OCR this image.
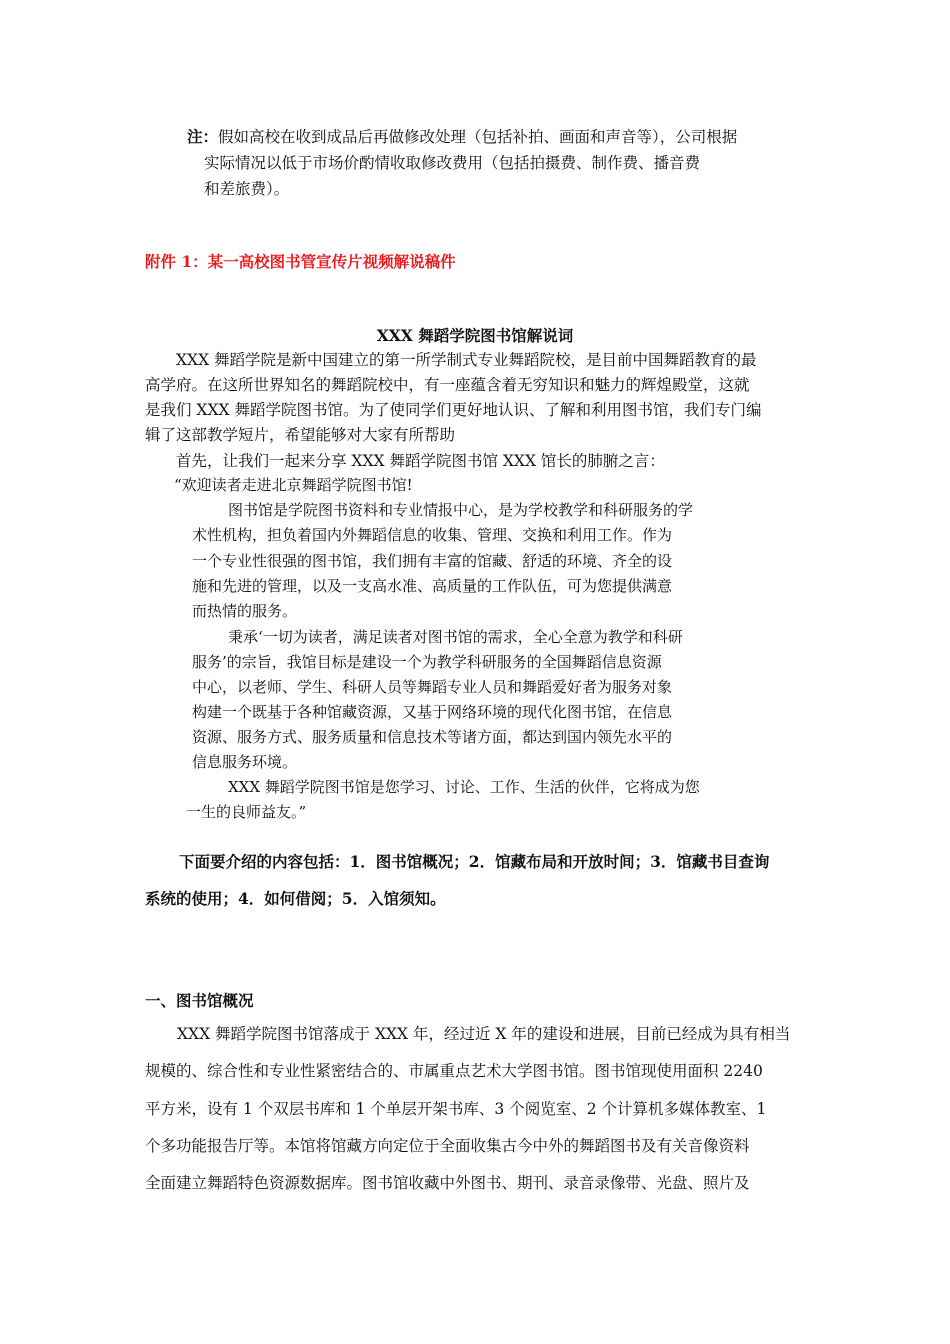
注：假如高校在收到成品后再做修改处理（包括补拍、画面和声音等），公司根据
实际情况以低于市场价酌情收取修改费用（包括拍摄费、制作费、播音费
和差旅费）。
附件 1：某一高校图书管宣传片视频解说稿件
XXX 舞蹈学院图书馆解说词
XXX 舞蹈学院是新中国建立的第一所学制式专业舞蹈院校，是目前中国舞蹈教育的最
高学府。在这所世界知名的舞蹈院校中，有一座蕴含着无穷知识和魅力的辉煌殿堂，这就
是我们 XXX 舞蹈学院图书馆。为了使同学们更好地认识、了解和利用图书馆，我们专门编
辑了这部教学短片，希望能够对大家有所帮助
首先，让我们一起来分享 XXX 舞蹈学院图书馆 XXX 馆长的肺腑之言：
“欢迎读者走进北京舞蹈学院图书馆!
图书馆是学院图书资料和专业情报中心，是为学校教学和科研服务的学
术性机构，担负着国内外舞蹈信息的收集、管理、交换和利用工作。作为
一个专业性很强的图书馆，我们拥有丰富的馆藏、舒适的环境、齐全的设
施和先进的管理，以及一支高水准、高质量的工作队伍，可为您提供满意
而热情的服务。
秉承‘一切为读者，满足读者对图书馆的需求，全心全意为教学和科研
服务’的宗旨，我馆目标是建设一个为教学科研服务的全国舞蹈信息资源
中心，以老师、学生、科研人员等舞蹈专业人员和舞蹈爱好者为服务对象
构建一个既基于各种馆藏资源，又基于网络环境的现代化图书馆，在信息
资源、服务方式、服务质量和信息技术等诸方面，都达到国内领先水平的
信息服务环境。
XXX 舞蹈学院图书馆是您学习、讨论、工作、生活的伙伴，它将成为您
一生的良师益友。”
下面要介绍的内容包括：1．图书馆概况；2．馆藏布局和开放时间；3．馆藏书目查询
系统的使用；4．如何借阅；5．入馆须知。
一、图书馆概况
XXX 舞蹈学院图书馆落成于 XXX 年，经过近 X 年的建设和进展，目前已经成为具有相当
规模的、综合性和专业性紧密结合的、市属重点艺术大学图书馆。图书馆现使用面积 2240
平方米，设有 1 个双层书库和 1 个单层开架书库、3 个阅览室、2 个计算机多媒体教室、1
个多功能报告厅等。本馆将馆藏方向定位于全面收集古今中外的舞蹈图书及有关音像资料
全面建立舞蹈特色资源数据库。图书馆收藏中外图书、期刊、录音录像带、光盘、照片及
